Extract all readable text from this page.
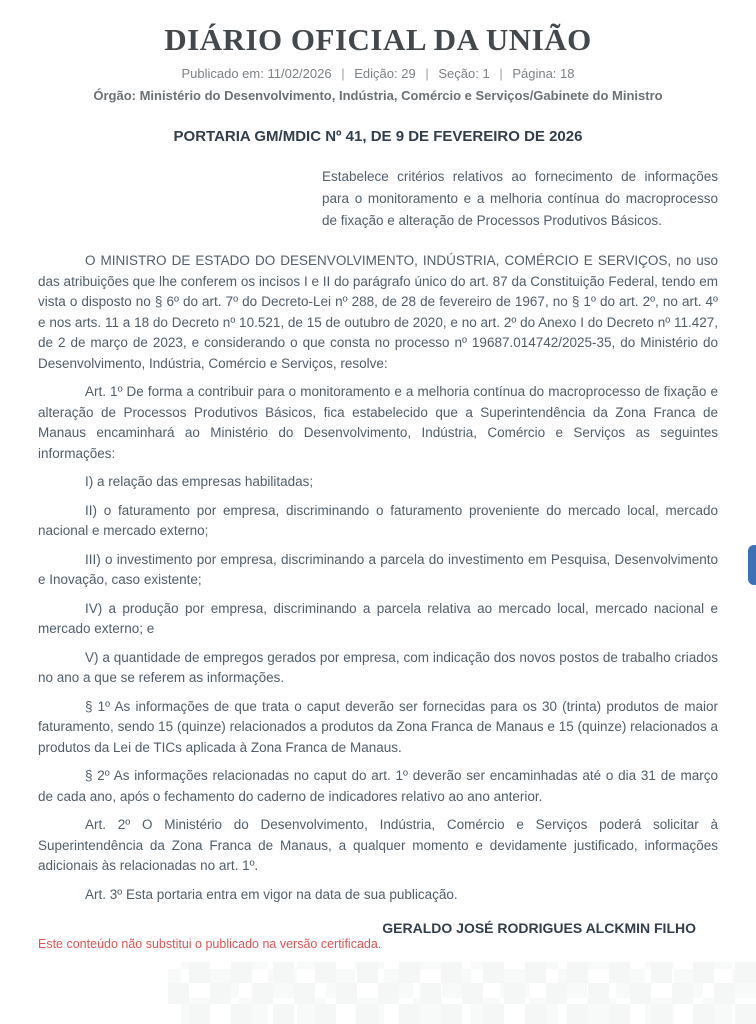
DIÁRIO OFICIAL DA UNIÃO
Publicado em: 11/02/2026 | Edição: 29 | Seção: 1 | Página: 18
Órgão: Ministério do Desenvolvimento, Indústria, Comércio e Serviços/Gabinete do Ministro
PORTARIA GM/MDIC Nº 41, DE 9 DE FEVEREIRO DE 2026

Estabelece critérios relativos ao fornecimento de informações para o monitoramento e a melhoria contínua do macroprocesso de fixação e alteração de Processos Produtivos Básicos.

O MINISTRO DE ESTADO DO DESENVOLVIMENTO, INDÚSTRIA, COMÉRCIO E SERVIÇOS, no uso das atribuições que lhe conferem os incisos I e II do parágrafo único do art. 87 da Constituição Federal, tendo em vista o disposto no § 6º do art. 7º do Decreto-Lei nº 288, de 28 de fevereiro de 1967, no § 1º do art. 2º, no art. 4º e nos arts. 11 a 18 do Decreto nº 10.521, de 15 de outubro de 2020, e no art. 2º do Anexo I do Decreto nº 11.427, de 2 de março de 2023, e considerando o que consta no processo nº 19687.014742/2025-35, do Ministério do Desenvolvimento, Indústria, Comércio e Serviços, resolve:

Art. 1º De forma a contribuir para o monitoramento e a melhoria contínua do macroprocesso de fixação e alteração de Processos Produtivos Básicos, fica estabelecido que a Superintendência da Zona Franca de Manaus encaminhará ao Ministério do Desenvolvimento, Indústria, Comércio e Serviços as seguintes informações:

I) a relação das empresas habilitadas;

II) o faturamento por empresa, discriminando o faturamento proveniente do mercado local, mercado nacional e mercado externo;

III) o investimento por empresa, discriminando a parcela do investimento em Pesquisa, Desenvolvimento e Inovação, caso existente;

IV) a produção por empresa, discriminando a parcela relativa ao mercado local, mercado nacional e mercado externo; e

V) a quantidade de empregos gerados por empresa, com indicação dos novos postos de trabalho criados no ano a que se referem as informações.

§ 1º As informações de que trata o caput deverão ser fornecidas para os 30 (trinta) produtos de maior faturamento, sendo 15 (quinze) relacionados a produtos da Zona Franca de Manaus e 15 (quinze) relacionados a produtos da Lei de TICs aplicada à Zona Franca de Manaus.

§ 2º As informações relacionadas no caput do art. 1º deverão ser encaminhadas até o dia 31 de março de cada ano, após o fechamento do caderno de indicadores relativo ao ano anterior.

Art. 2º O Ministério do Desenvolvimento, Indústria, Comércio e Serviços poderá solicitar à Superintendência da Zona Franca de Manaus, a qualquer momento e devidamente justificado, informações adicionais às relacionadas no art. 1º.

Art. 3º Esta portaria entra em vigor na data de sua publicação.

GERALDO JOSÉ RODRIGUES ALCKMIN FILHO
Este conteúdo não substitui o publicado na versão certificada.
